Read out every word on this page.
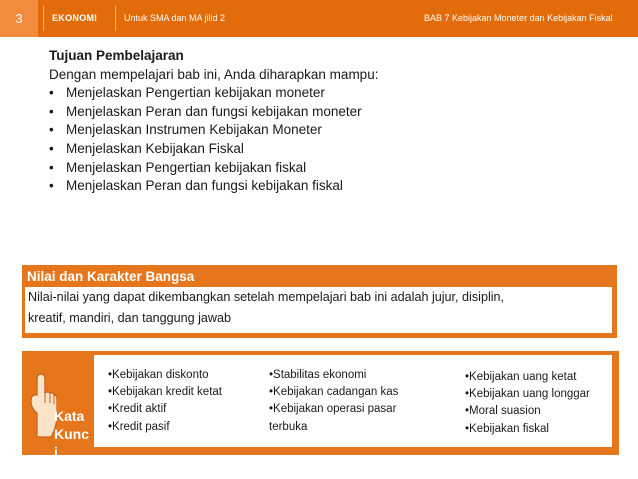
3	EKONOMI	Untuk SMA dan MA jilid 2	BAB 7 Kebijakan Moneter dan Kebijakan Fiskal
Tujuan Pembelajaran
Dengan mempelajari bab ini, Anda diharapkan mampu:
• Menjelaskan Pengertian kebijakan moneter
• Menjelaskan Peran dan fungsi kebijakan moneter
• Menjelaskan Instrumen Kebijakan Moneter
• Menjelaskan Kebijakan Fiskal
• Menjelaskan Pengertian kebijakan fiskal
• Menjelaskan Peran dan fungsi kebijakan fiskal
Nilai dan Karakter Bangsa
Nilai-nilai yang dapat dikembangkan setelah mempelajari bab ini adalah jujur, disiplin,
kreatif, mandiri, dan tanggung jawab
Kata
Kunc
i
•Kebijakan diskonto
•Kebijakan kredit ketat
•Kredit aktif
•Kredit pasif
•Stabilitas ekonomi
•Kebijakan cadangan kas
•Kebijakan operasi pasar terbuka
•Kebijakan uang ketat
•Kebijakan uang longgar
•Moral suasion
•Kebijakan fiskal
